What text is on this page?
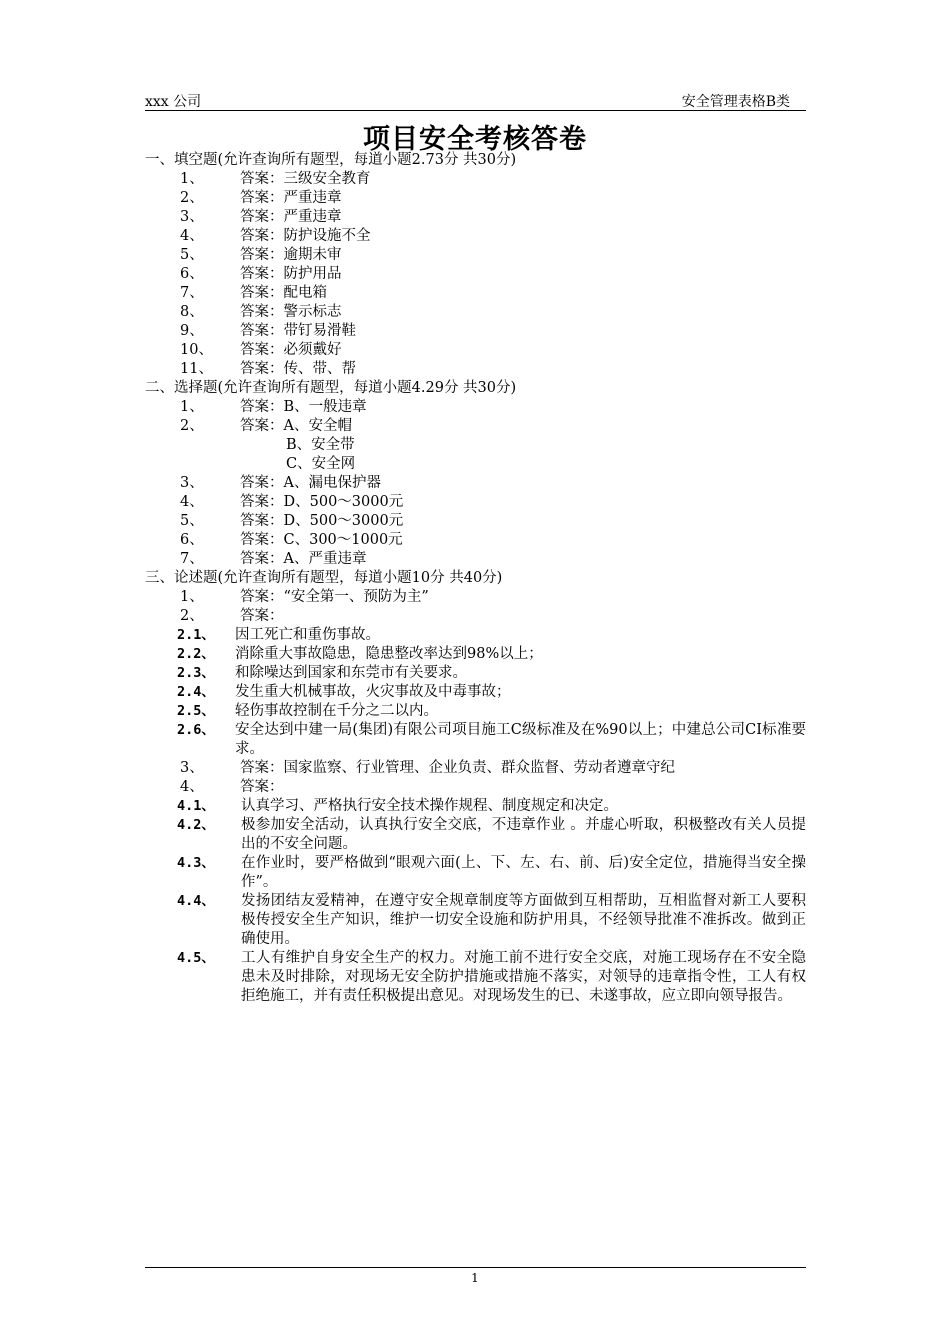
xxx 公司	安全管理表格B类
项目安全考核答卷
一、填空题(允许查询所有题型，每道小题2.73分 共30分)
1、	答案：三级安全教育
2、	答案：严重违章
3、	答案：严重违章
4、	答案：防护设施不全
5、	答案：逾期未审
6、	答案：防护用品
7、	答案：配电箱
8、	答案：警示标志
9、	答案：带钉易滑鞋
10、	答案：必须戴好
11、	答案：传、带、帮
二、选择题(允许查询所有题型，每道小题4.29分 共30分)
1、	答案：B、一般违章
2、	答案：A、安全帽
B、安全带
C、安全网
3、	答案：A、漏电保护器
4、	答案：D、500～3000元
5、	答案：D、500～3000元
6、	答案：C、300～1000元
7、	答案：A、严重违章
三、论述题(允许查询所有题型，每道小题10分 共40分)
1、	答案：“安全第一、预防为主”
2、	答案：
2.1、	因工死亡和重伤事故。
2.2、	消除重大事故隐患，隐患整改率达到98%以上；
2.3、	和除噪达到国家和东莞市有关要求。
2.4、	发生重大机械事故，火灾事故及中毒事故；
2.5、	轻伤事故控制在千分之二以内。
2.6、	安全达到中建一局(集团)有限公司项目施工C级标准及在%90以上；中建总公司CI标准要求。
3、	答案：国家监察、行业管理、企业负责、群众监督、劳动者遵章守纪
4、	答案：
4.1、	认真学习、严格执行安全技术操作规程、制度规定和决定。
4.2、	极参加安全活动，认真执行安全交底，不违章作业 。并虚心听取，积极整改有关人员提出的不安全问题。
4.3、	在作业时，要严格做到“眼观六面(上、下、左、右、前、后)安全定位，措施得当安全操作”。
4.4、	发扬团结友爱精神，在遵守安全规章制度等方面做到互相帮助，互相监督对新工人要积极传授安全生产知识，维护一切安全设施和防护用具，不经领导批准不准拆改。做到正确使用。
4.5、	工人有维护自身安全生产的权力。对施工前不进行安全交底，对施工现场存在不安全隐患未及时排除，对现场无安全防护措施或措施不落实，对领导的违章指令性，工人有权拒绝施工，并有责任积极提出意见。对现场发生的已、未遂事故，应立即向领导报告。
1
